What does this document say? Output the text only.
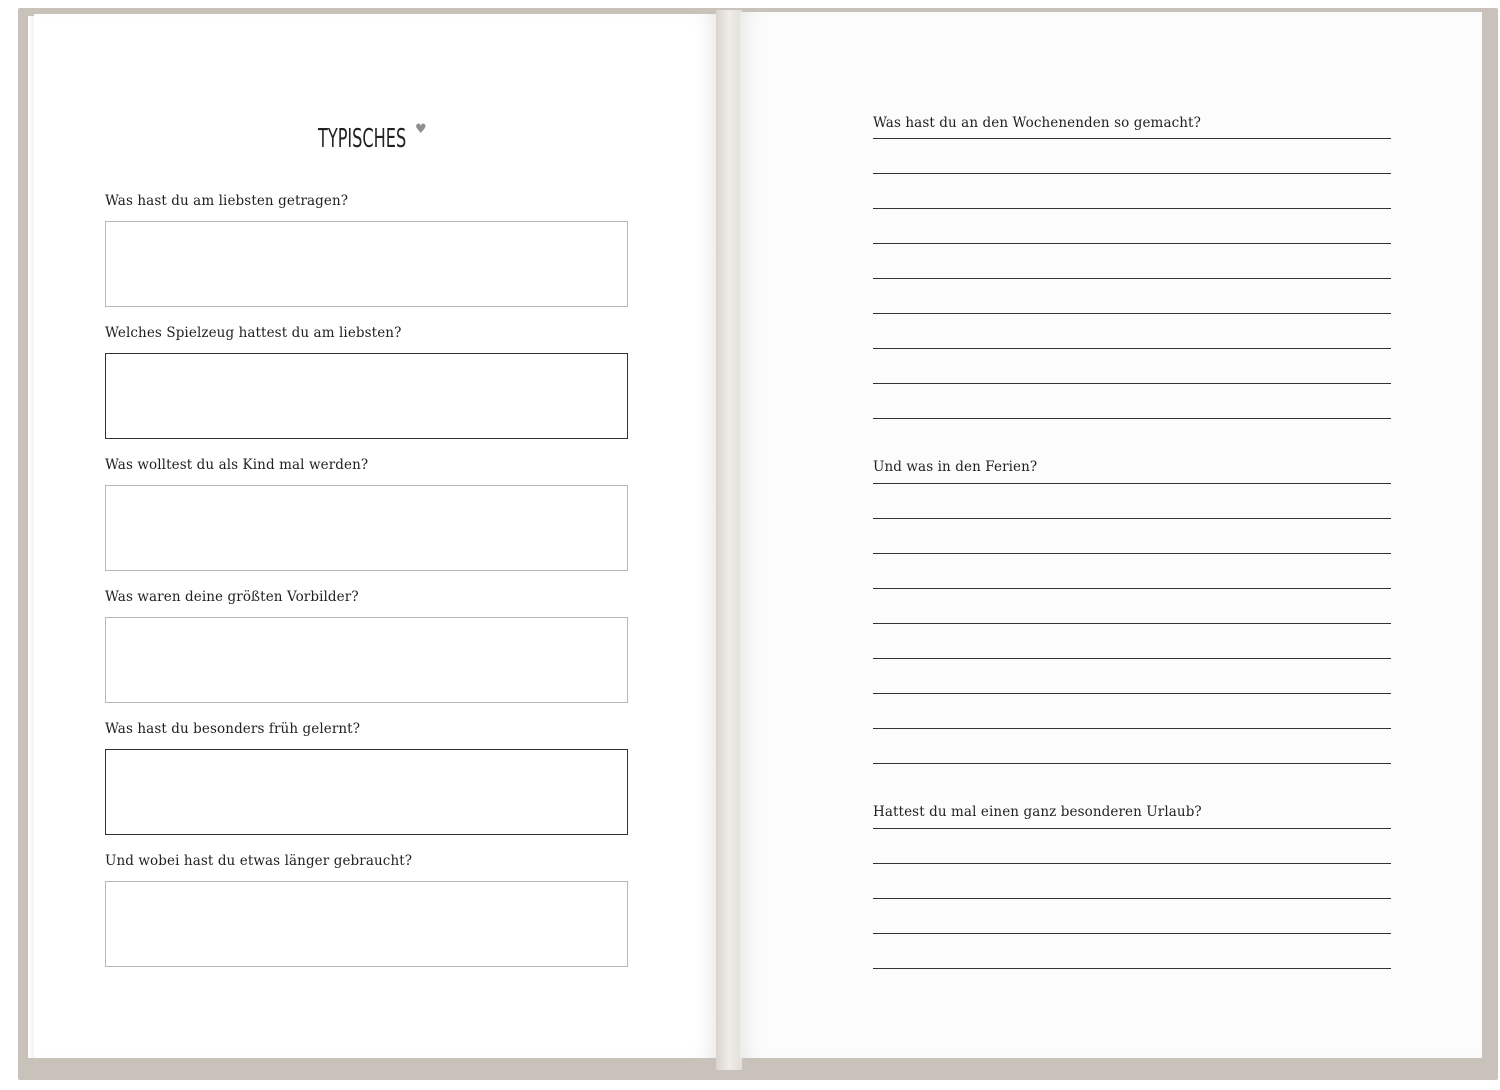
TYPISCHES ♥
Was hast du am liebsten getragen?
Welches Spielzeug hattest du am liebsten?
Was wolltest du als Kind mal werden?
Was waren deine größten Vorbilder?
Was hast du besonders früh gelernt?
Und wobei hast du etwas länger gebraucht?
Was hast du an den Wochenenden so gemacht?
Und was in den Ferien?
Hattest du mal einen ganz besonderen Urlaub?
